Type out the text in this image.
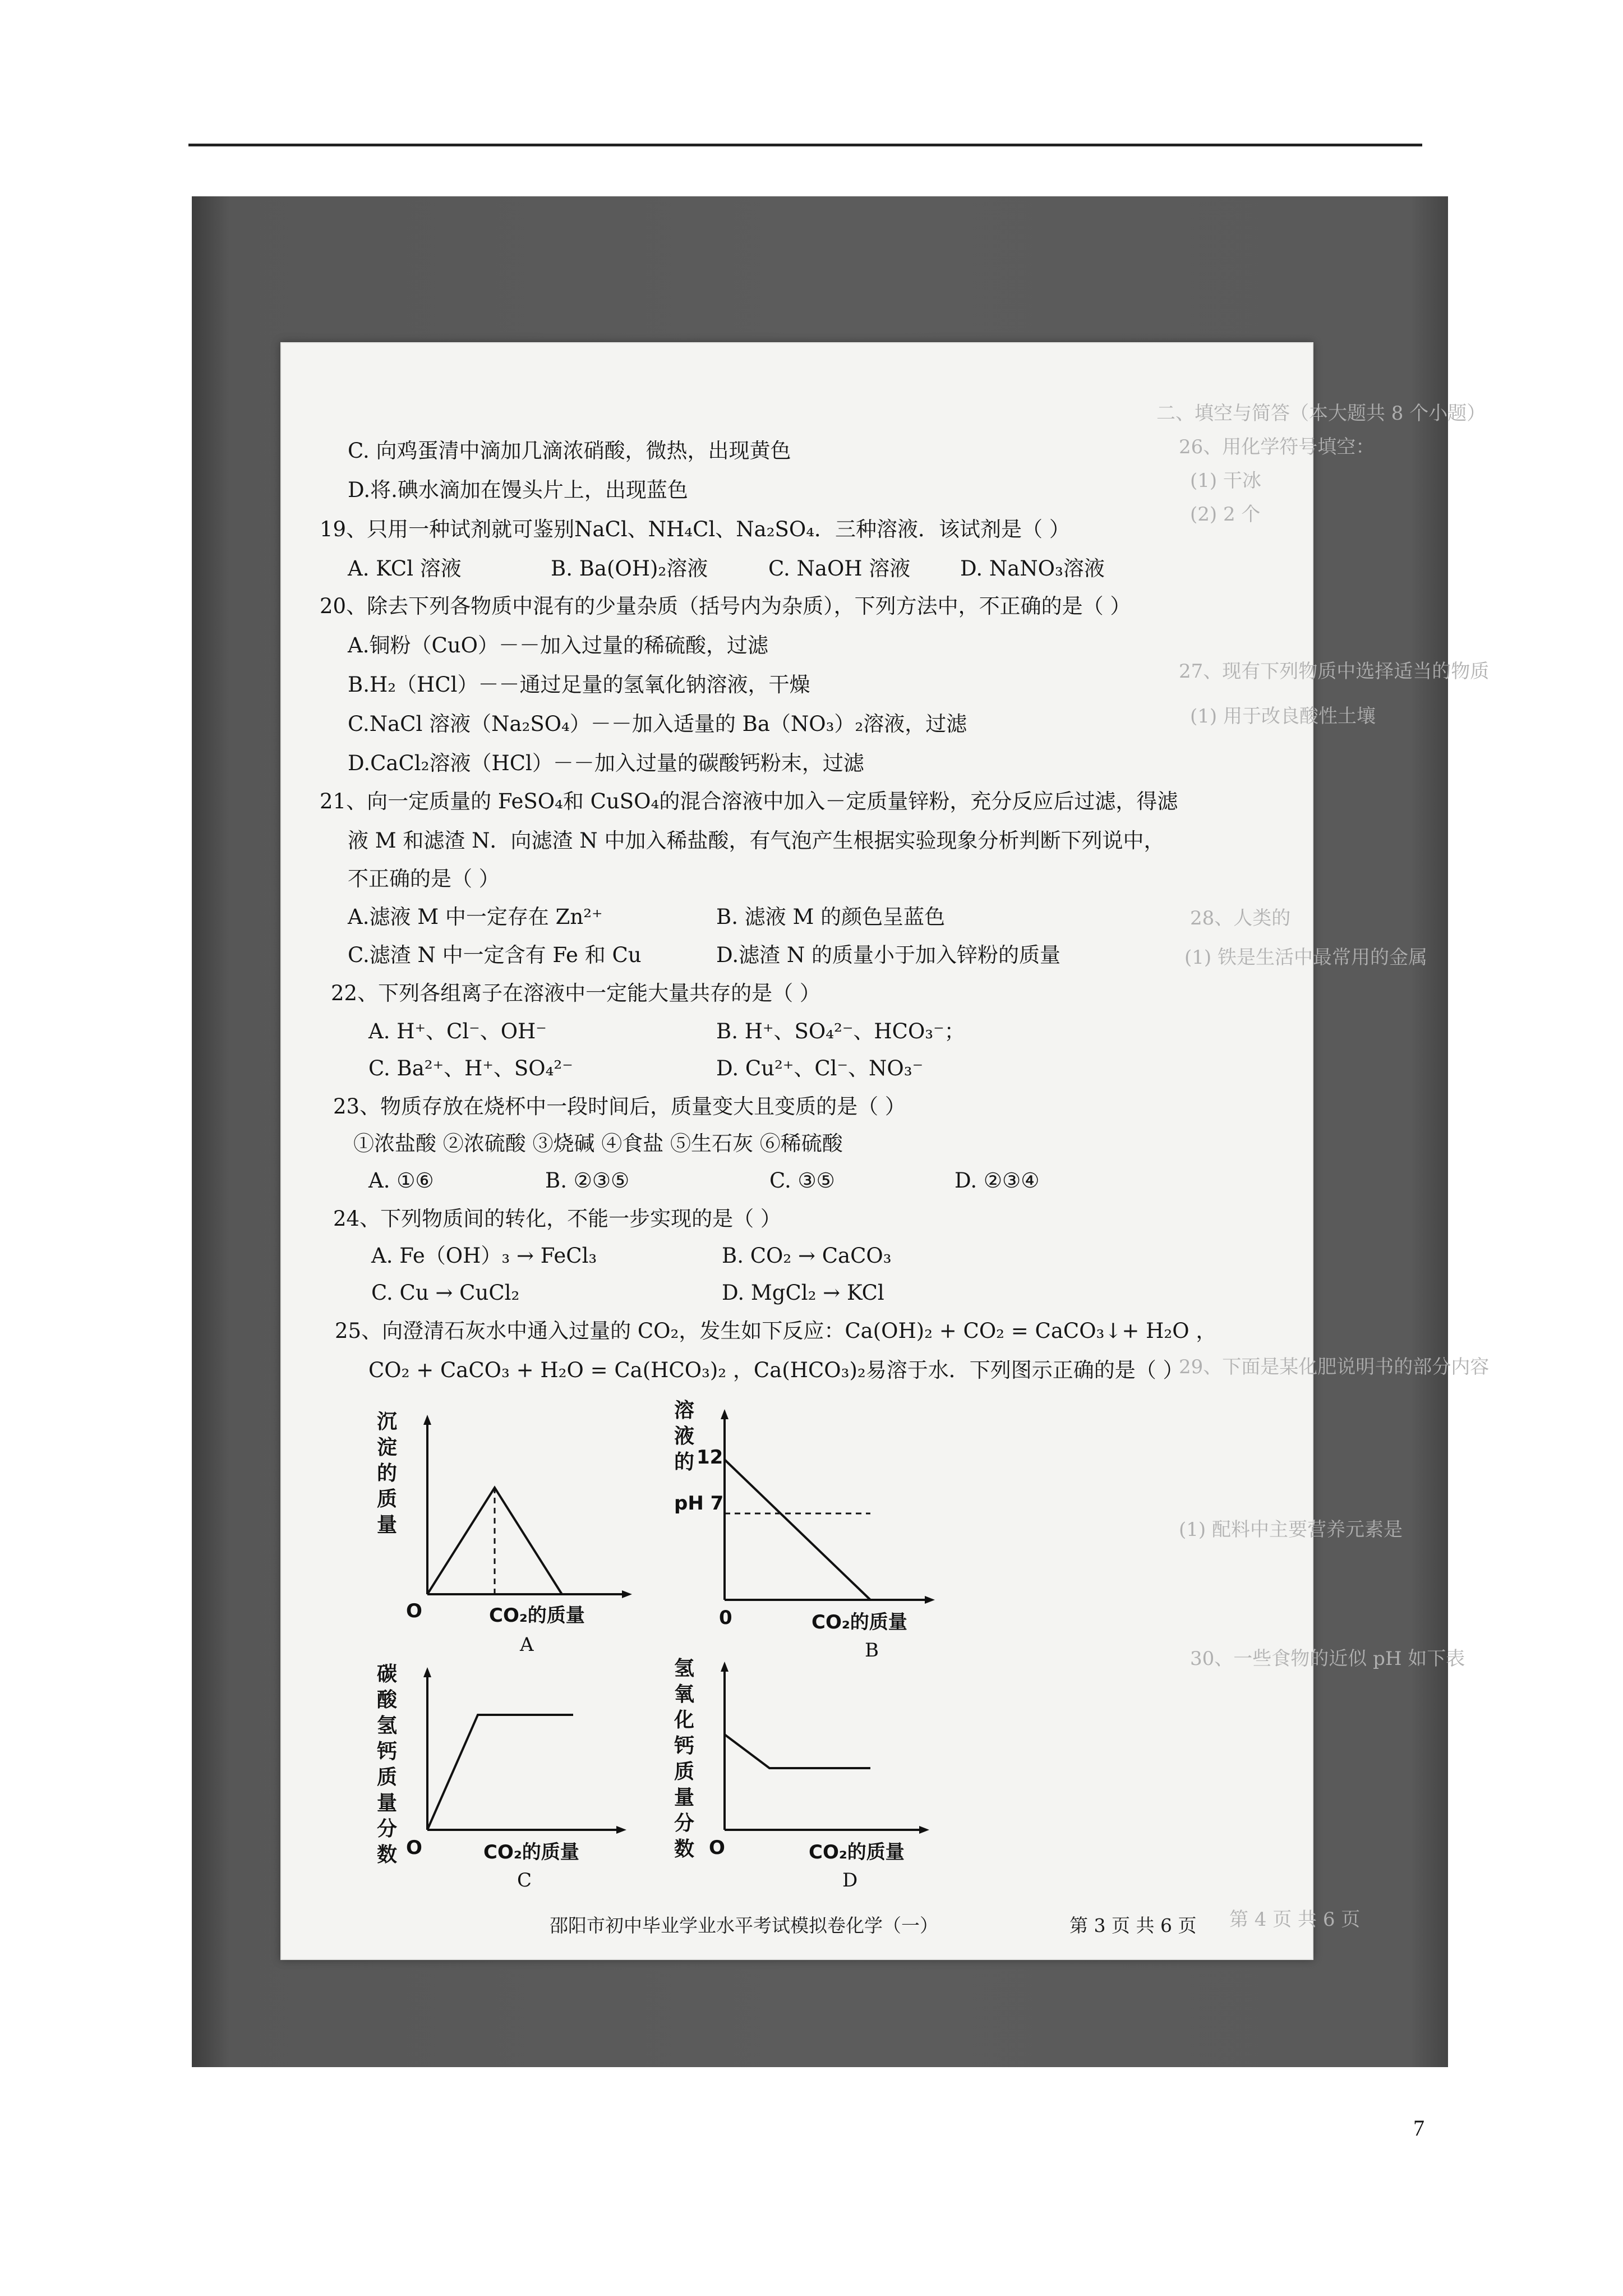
二、填空与简答（本大题共 8 个小题）
26、用化学符号填空：
(1) 干冰
(2) 2 个
27、现有下列物质中选择适当的物质
(1) 用于改良酸性土壤
28、人类的
(1) 铁是生活中最常用的金属
29、下面是某化肥说明书的部分内容
(1) 配料中主要营养元素是
30、一些食物的近似 pH 如下表
第 4 页 共 6 页
C. 向鸡蛋清中滴加几滴浓硝酸，微热，出现黄色
D.将.碘水滴加在馒头片上，出现蓝色
19、只用一种试剂就可鉴别NaCl、NH₄Cl、Na₂SO₄．三种溶液．该试剂是（ ）
A. KCl 溶液	B. Ba(OH)₂溶液	C. NaOH 溶液 D. NaNO₃溶液
20、除去下列各物质中混有的少量杂质（括号内为杂质），下列方法中，不正确的是（ ）
A.铜粉（CuO）－－加入过量的稀硫酸，过滤
B.H₂（HCl）－－通过足量的氢氧化钠溶液，干燥
C.NaCl 溶液（Na₂SO₄）－－加入适量的 Ba（NO₃）₂溶液，过滤
D.CaCl₂溶液（HCl）－－加入过量的碳酸钙粉末，过滤
21、向一定质量的 FeSO₄和 CuSO₄的混合溶液中加入－定质量锌粉，充分反应后过滤，得滤
液 M 和滤渣 N．向滤渣 N 中加入稀盐酸，有气泡产生根据实验现象分析判断下列说中，
不正确的是（ ）
A.滤液 M 中一定存在 Zn²⁺	B. 滤液 M 的颜色呈蓝色
C.滤渣 N 中一定含有 Fe 和 Cu	D.滤渣 N 的质量小于加入锌粉的质量
22、下列各组离子在溶液中一定能大量共存的是（ ）
A. H⁺、Cl⁻、OH⁻	B. H⁺、SO₄²⁻、HCO₃⁻；
C. Ba²⁺、H⁺、SO₄²⁻	D. Cu²⁺、Cl⁻、NO₃⁻
23、物质存放在烧杯中一段时间后，质量变大且变质的是（ ）
①浓盐酸 ②浓硫酸 ③烧碱 ④食盐 ⑤生石灰 ⑥稀硫酸
A. ①⑥	B. ②③⑤	C. ③⑤	D. ②③④
24、下列物质间的转化，不能一步实现的是（ ）
A. Fe（OH）₃ → FeCl₃	B. CO₂ → CaCO₃
C. Cu → CuCl₂	D. MgCl₂ → KCl
25、向澄清石灰水中通入过量的 CO₂，发生如下反应：Ca(OH)₂ + CO₂ = CaCO₃↓+ H₂O ，
CO₂ + CaCO₃ + H₂O = Ca(HCO₃)₂ ，Ca(HCO₃)₂易溶于水．下列图示正确的是（ ）
沉淀的质量
O	CO₂的质量
A
溶液的 12
pH 7
0	CO₂的质量
B
碳酸氢钙质量分数 O	CO₂的质量
C
氢氧化钙质量分数 O	CO₂的质量
D
邵阳市初中毕业学业水平考试模拟卷化学（一）	第 3 页 共 6 页
7
